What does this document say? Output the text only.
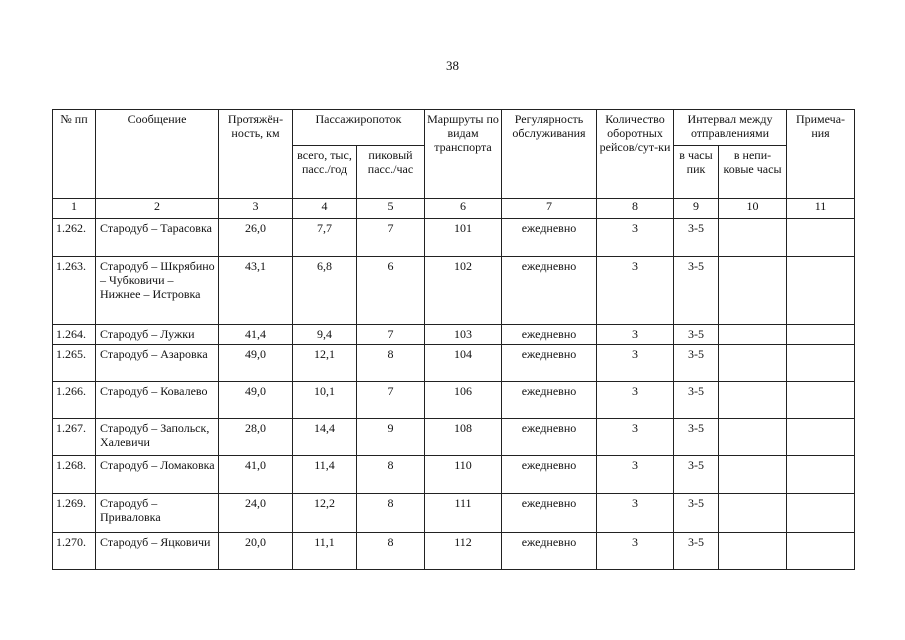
38
№ пп	Сообщение	Протяжён-ность, км	Пассажиропоток		Маршруты по видам транспорта	Регулярность обслуживания	Количество оборотных рейсов/сут-ки	Интервал между отправлениями		Примеча-ния
			всего, тыс, пасс./год	пиковый пасс./час				в часы пик	в непи-ковые часы	
1	2	3	4	5	6	7	8	9	10	11
1.262.	Стародуб – Тарасовка	26,0	7,7	7	101	ежедневно	3	3-5		
1.263.	Стародуб – Шкрябино – Чубковичи – Нижнее – Истровка	43,1	6,8	6	102	ежедневно	3	3-5		
1.264.	Стародуб – Лужки	41,4	9,4	7	103	ежедневно	3	3-5		
1.265.	Стародуб – Азаровка	49,0	12,1	8	104	ежедневно	3	3-5		
1.266.	Стародуб – Ковалево	49,0	10,1	7	106	ежедневно	3	3-5		
1.267.	Стародуб – Запольск, Халевичи	28,0	14,4	9	108	ежедневно	3	3-5		
1.268.	Стародуб – Ломаковка	41,0	11,4	8	110	ежедневно	3	3-5		
1.269.	Стародуб – Приваловка	24,0	12,2	8	111	ежедневно	3	3-5		
1.270.	Стародуб – Яцковичи	20,0	11,1	8	112	ежедневно	3	3-5		
